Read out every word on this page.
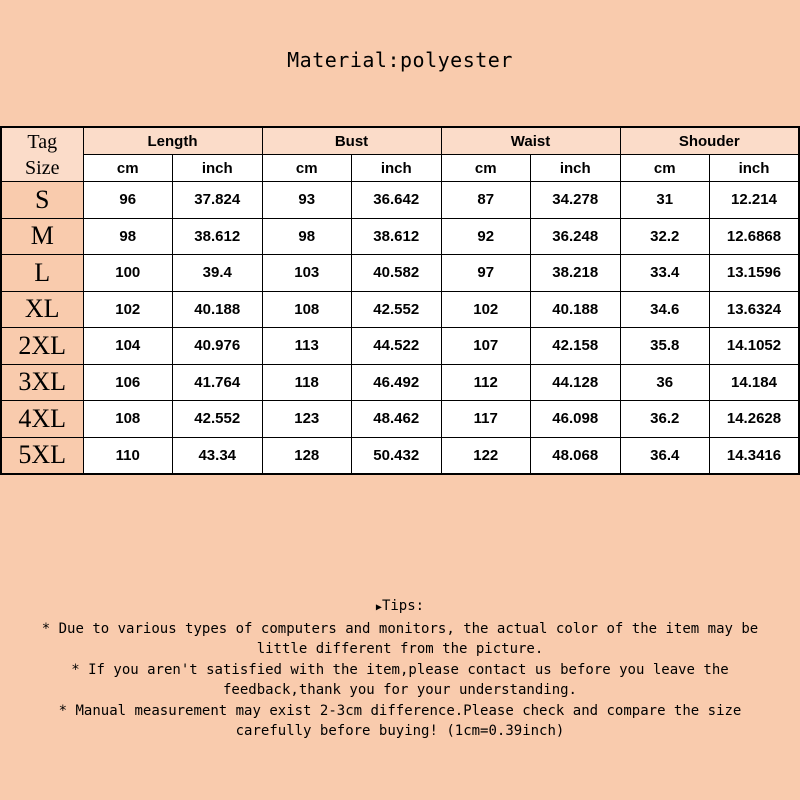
Material:polyester
Tag
Size	Length		Bust		Waist		Shouder	
	cm	inch	cm	inch	cm	inch	cm	inch
S	96	37.824	93	36.642	87	34.278	31	12.214
M	98	38.612	98	38.612	92	36.248	32.2	12.6868
L	100	39.4	103	40.582	97	38.218	33.4	13.1596
XL	102	40.188	108	42.552	102	40.188	34.6	13.6324
2XL	104	40.976	113	44.522	107	42.158	35.8	14.1052
3XL	106	41.764	118	46.492	112	44.128	36	14.184
4XL	108	42.552	123	48.462	117	46.098	36.2	14.2628
5XL	110	43.34	128	50.432	122	48.068	36.4	14.3416
▶Tips:
* Due to various types of computers and monitors, the actual color of the item may be
little different from the picture.
* If you aren't satisfied with the item,please contact us before you leave the
feedback,thank you for your understanding.
* Manual measurement may exist 2-3cm difference.Please check and compare the size
carefully before buying! (1cm=0.39inch)
